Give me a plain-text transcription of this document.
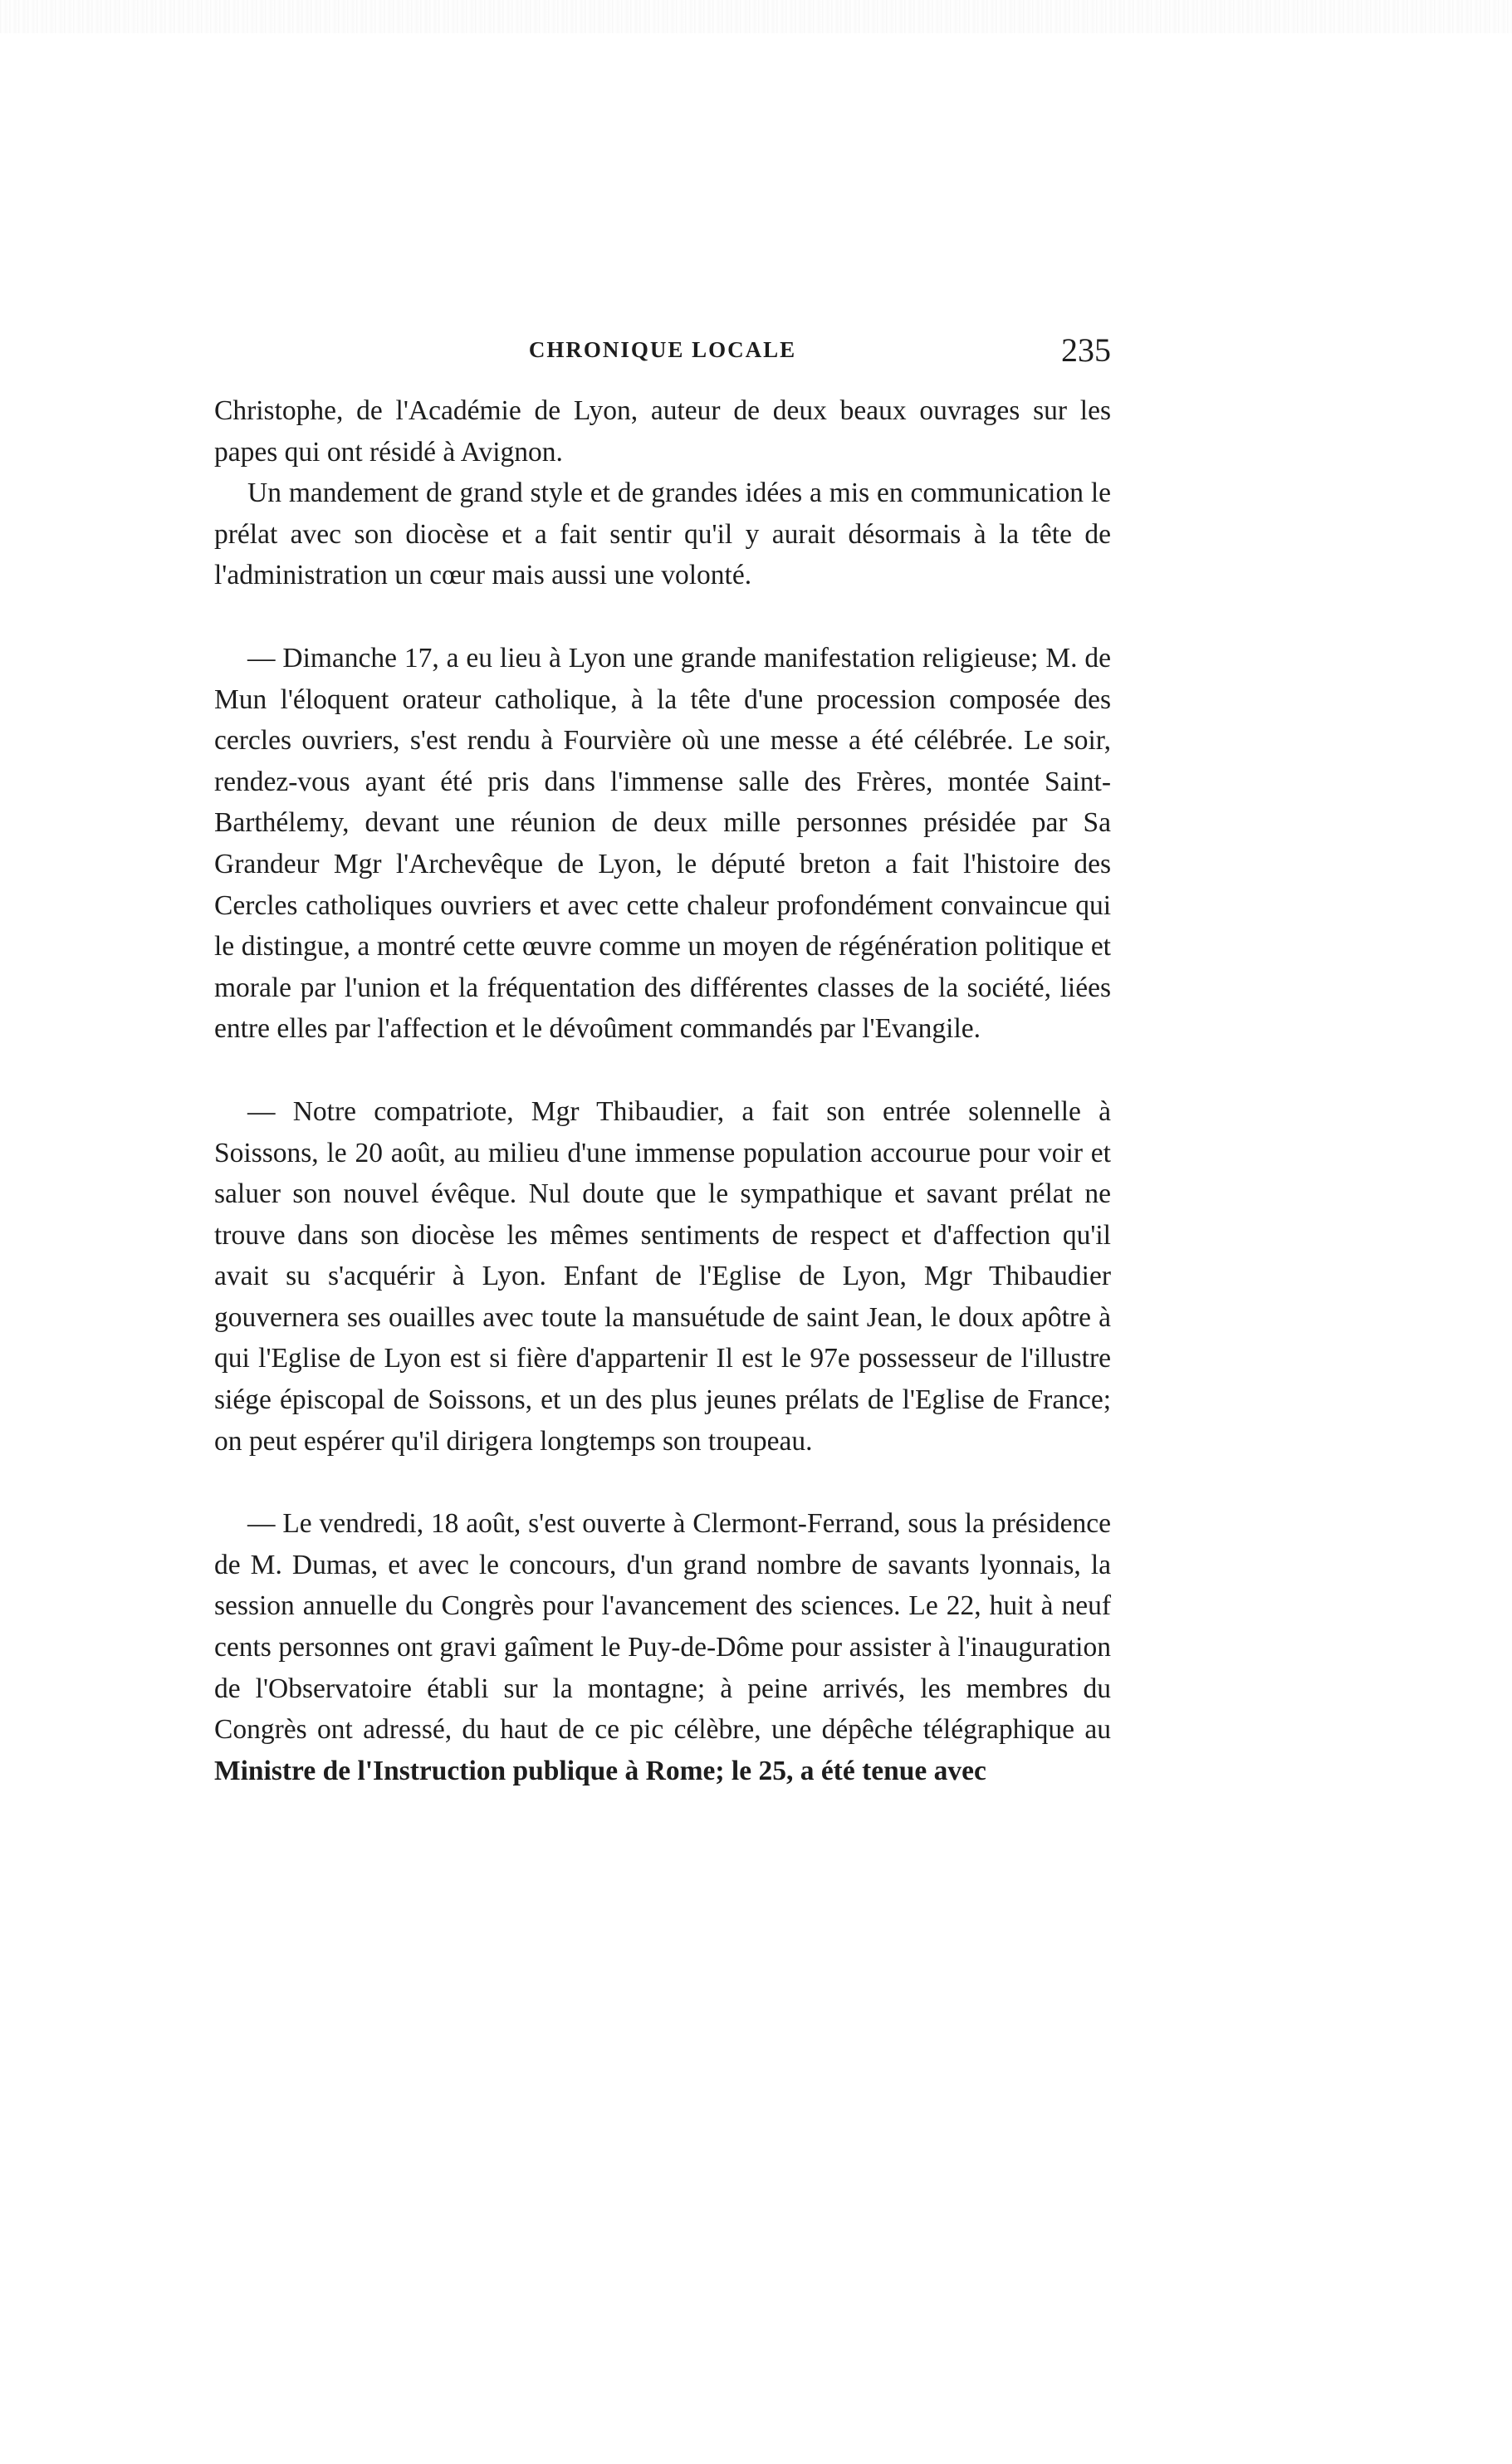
CHRONIQUE LOCALE	235

Christophe, de l'Académie de Lyon, auteur de deux beaux ouvrages sur les papes qui ont résidé à Avignon.

Un mandement de grand style et de grandes idées a mis en communication le prélat avec son diocèse et a fait sentir qu'il y aurait désormais à la tête de l'administration un cœur mais aussi une volonté.

— Dimanche 17, a eu lieu à Lyon une grande manifestation religieuse; M. de Mun l'éloquent orateur catholique, à la tête d'une procession composée des cercles ouvriers, s'est rendu à Fourvière où une messe a été célébrée. Le soir, rendez-vous ayant été pris dans l'immense salle des Frères, montée Saint-Barthélemy, devant une réunion de deux mille personnes présidée par Sa Grandeur Mgr l'Archevêque de Lyon, le député breton a fait l'histoire des Cercles catholiques ouvriers et avec cette chaleur profondément convaincue qui le distingue, a montré cette œuvre comme un moyen de régénération politique et morale par l'union et la fréquentation des différentes classes de la société, liées entre elles par l'affection et le dévoûment commandés par l'Evangile.

— Notre compatriote, Mgr Thibaudier, a fait son entrée solennelle à Soissons, le 20 août, au milieu d'une immense population accourue pour voir et saluer son nouvel évêque. Nul doute que le sympathique et savant prélat ne trouve dans son diocèse les mêmes sentiments de respect et d'affection qu'il avait su s'acquérir à Lyon. Enfant de l'Eglise de Lyon, Mgr Thibaudier gouvernera ses ouailles avec toute la mansuétude de saint Jean, le doux apôtre à qui l'Eglise de Lyon est si fière d'appartenir Il est le 97e possesseur de l'illustre siége épiscopal de Soissons, et un des plus jeunes prélats de l'Eglise de France; on peut espérer qu'il dirigera longtemps son troupeau.

— Le vendredi, 18 août, s'est ouverte à Clermont-Ferrand, sous la présidence de M. Dumas, et avec le concours, d'un grand nombre de savants lyonnais, la session annuelle du Congrès pour l'avancement des sciences. Le 22, huit à neuf cents personnes ont gravi gaîment le Puy-de-Dôme pour assister à l'inauguration de l'Observatoire établi sur la montagne; à peine arrivés, les membres du Congrès ont adressé, du haut de ce pic célèbre, une dépêche télégraphique au Ministre de l'Instruction publique à Rome; le 25, a été tenue avec
